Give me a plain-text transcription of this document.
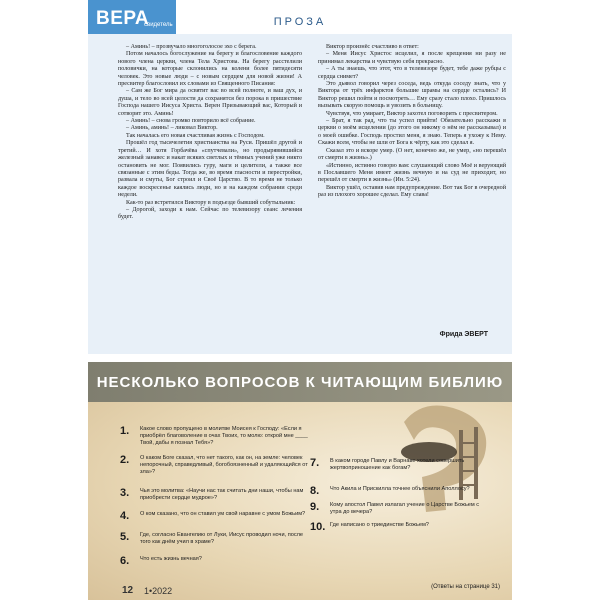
ВЕРА
свидетель	ПРОЗА

– Аминь! – прозвучало многоголосое эхо с берега.

Потом началось богослужение на берегу и благословение каждого нового члена церкви, члена Тела Христова. На берегу расстелили половички, на которые склонились на колени более пятидесяти человек. Это новые люди – с новым сердцем для новой жизни! А пресвитер благословил их словами из Священного Писания:

– Сам же Бог мира да освятит вас во всей полноте, и ваш дух, и душа, и тело во всей целости да сохранятся без порока в пришествие Господа нашего Иисуса Христа. Верен Призывающий вас, Который и сотворит это. Аминь!

– Аминь! – снова громко повторило всё собрание.

– Аминь, аминь! – ликовал Виктор.

Так началась его новая счастливая жизнь с Господом.

Прошёл год тысячелетия христианства на Руси. Пришёл другой и третий… И хотя Горбачёва «спутчевали», но продырявившийся железный занавес и накат всяких светлых и тёмных учений уже никто остановить не мог. Появились гуру, маги и целители, а также все связанные с этим беды. Тогда же, во время гласности и перестройки, развала и смуты, Бог строил и Своё Царство. В то время не только каждое воскресенье каялись люди, но и на каждом собрании среди недели.

Как-то раз встретился Виктору в подъезде бывший собутыльник:

– Дорогой, заходи к нам. Сейчас по телевизору сеанс лечения будет.

Виктор произнёс счастливо в ответ:

– Меня Иисус Христос исцелил, я после крещения ни разу не принимал лекарства и чувствую себя прекрасно.

– А ты знаешь, что этот, что в телевизоре будет, тебе даже рубцы с сердца снимет?

Это дьявол говорил через соседа, ведь откуда соседу знать, что у Виктора от трёх инфарктов большие шрамы на сердце остались? И Виктор решил пойти и посмотреть… Ему сразу стало плохо. Пришлось вызывать скорую помощь и увозить в больницу.

Чувствуя, что умирает, Виктор захотел поговорить с пресвитером.

– Брат, я так рад, что ты успел прийти! Обязательно расскажи в церкви о моём исцелении (до этого он никому о нём не рассказывал) и о моей ошибке. Господь простил меня, я знаю. Теперь я ухожу к Нему. Скажи всем, чтобы не шли от Бога к чёрту, как это сделал я.

Сказал это и вскоре умер. (О нет, конечно же, не умер, «но перешёл от смерти в жизнь».)

«Истинно, истинно говорю вам: слушающий слово Моё и верующий в Пославшего Меня имеет жизнь вечную и на суд не приходит, но перешёл от смерти в жизнь» (Ин. 5:24).

Виктор ушёл, оставив нам предупреждение. Вот так Бог в очередной раз из плохого хорошее сделал. Ему слава!

Фрида ЭВЕРТ
НЕСКОЛЬКО ВОПРОСОВ К ЧИТАЮЩИМ БИБЛИЮ
(Ответы на странице 31)
1. Какое слово пропущено в молитве Моисея к Господу: «Если я приобрёл благоволение в очах Твоих, то молю: открой мне ____ Твой, дабы я познал Тебя»?
2. О каком Боге сказал, что нет такого, как он, на земле: человек непорочный, справедливый, богобоязненный и удаляющийся от зла»?
3. Чья это молитва: «Научи нас так считать дни наши, чтобы нам приобрести сердце мудрое»?
4. О ком сказано, что он ставил ум свой наравне с умом Божьим?
5. Где, согласно Евангелию от Луки, Иисус проводил ночи, после того как днём учил в храме?
6. Что есть жизнь вечная?
7. В каком городе Павлу и Варнаве хотели совершить жертвоприношение как богам?
8. Что Акила и Прискилла точнее объяснили Аполлосу?
9. Кому апостол Павел излагал учение о Царстве Божьем с утра до вечера?
10. Где написано о триединстве Божьем?
12 1•2022
